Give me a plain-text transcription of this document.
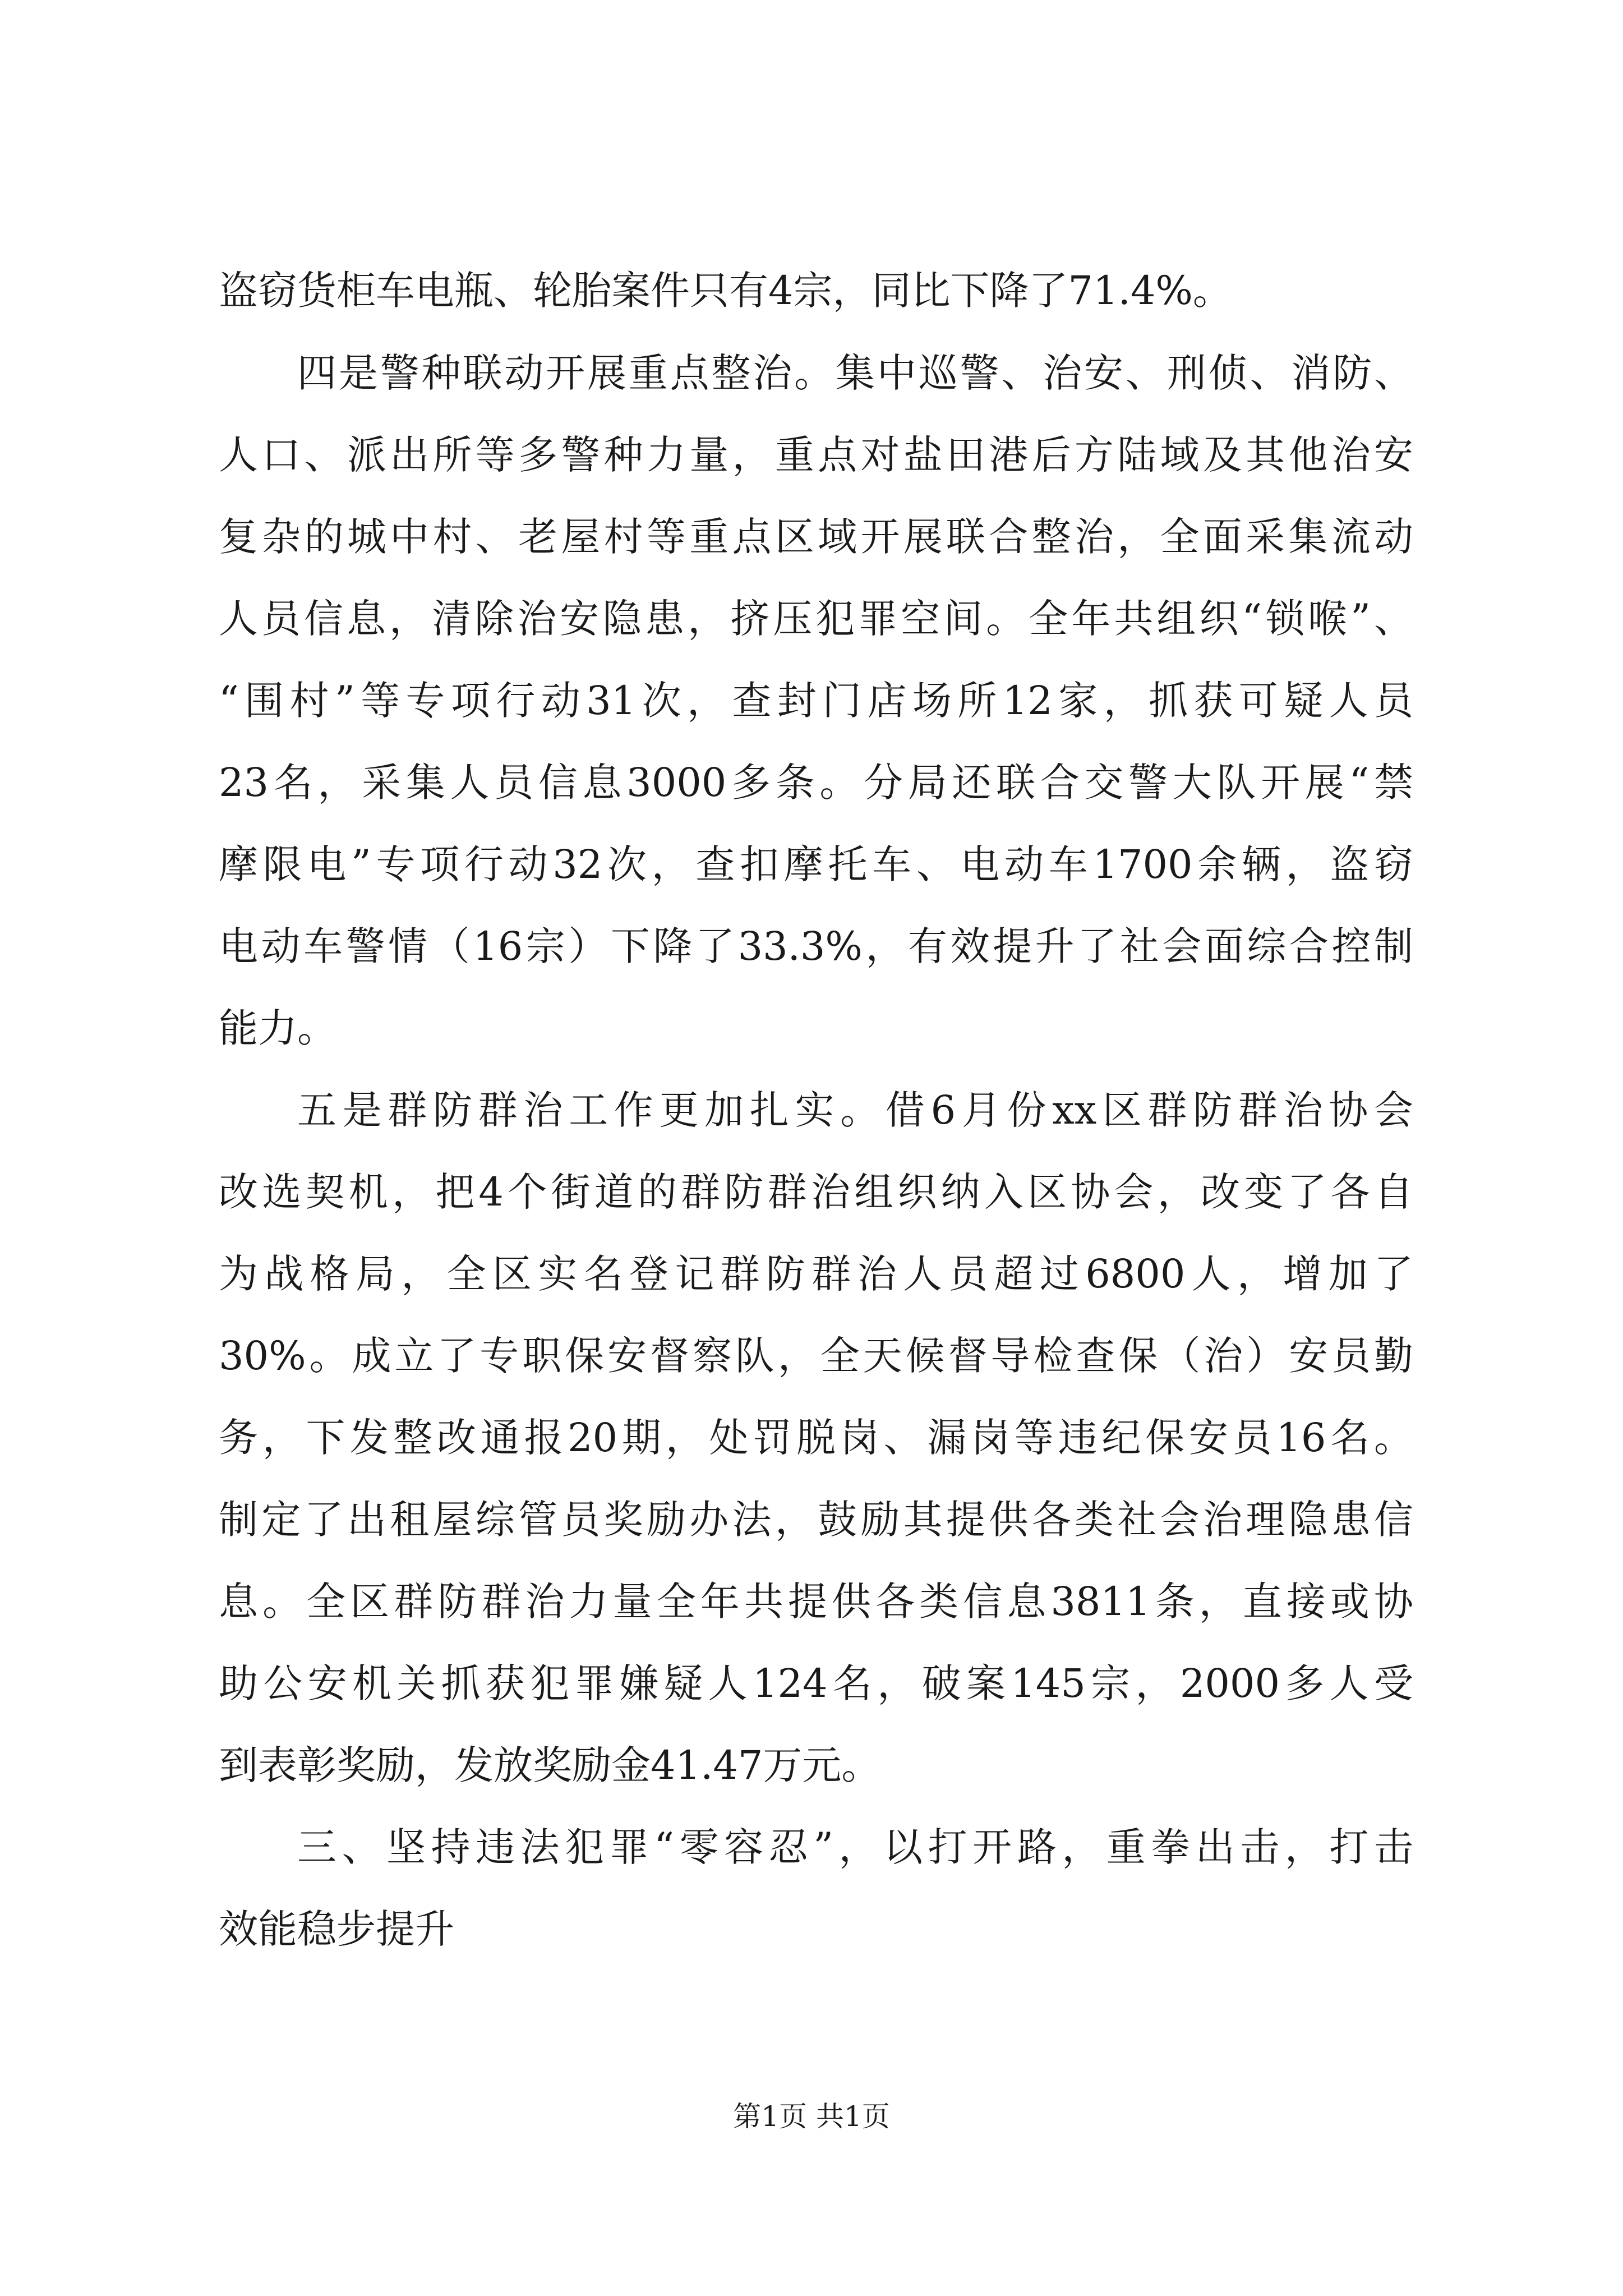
盗窃货柜车电瓶、轮胎案件只有4宗，同比下降了71.4%。
四是警种联动开展重点整治。集中巡警、治安、刑侦、消防、
人口、派出所等多警种力量，重点对盐田港后方陆域及其他治安
复杂的城中村、老屋村等重点区域开展联合整治，全面采集流动
人员信息，清除治安隐患，挤压犯罪空间。全年共组织“锁喉”、
“围村”等专项行动31次，查封门店场所12家，抓获可疑人员
23名，采集人员信息3000多条。分局还联合交警大队开展“禁
摩限电”专项行动32次，查扣摩托车、电动车1700余辆，盗窃
电动车警情（16宗）下降了33.3%，有效提升了社会面综合控制
能力。
五是群防群治工作更加扎实。借6月份xx区群防群治协会
改选契机，把4个街道的群防群治组织纳入区协会，改变了各自
为战格局，全区实名登记群防群治人员超过6800人，增加了
30%。成立了专职保安督察队，全天候督导检查保（治）安员勤
务，下发整改通报20期，处罚脱岗、漏岗等违纪保安员16名。
制定了出租屋综管员奖励办法，鼓励其提供各类社会治理隐患信
息。全区群防群治力量全年共提供各类信息3811条，直接或协
助公安机关抓获犯罪嫌疑人124名，破案145宗，2000多人受
到表彰奖励，发放奖励金41.47万元。
三、坚持违法犯罪“零容忍”，以打开路，重拳出击，打击
效能稳步提升
第1页 共1页
